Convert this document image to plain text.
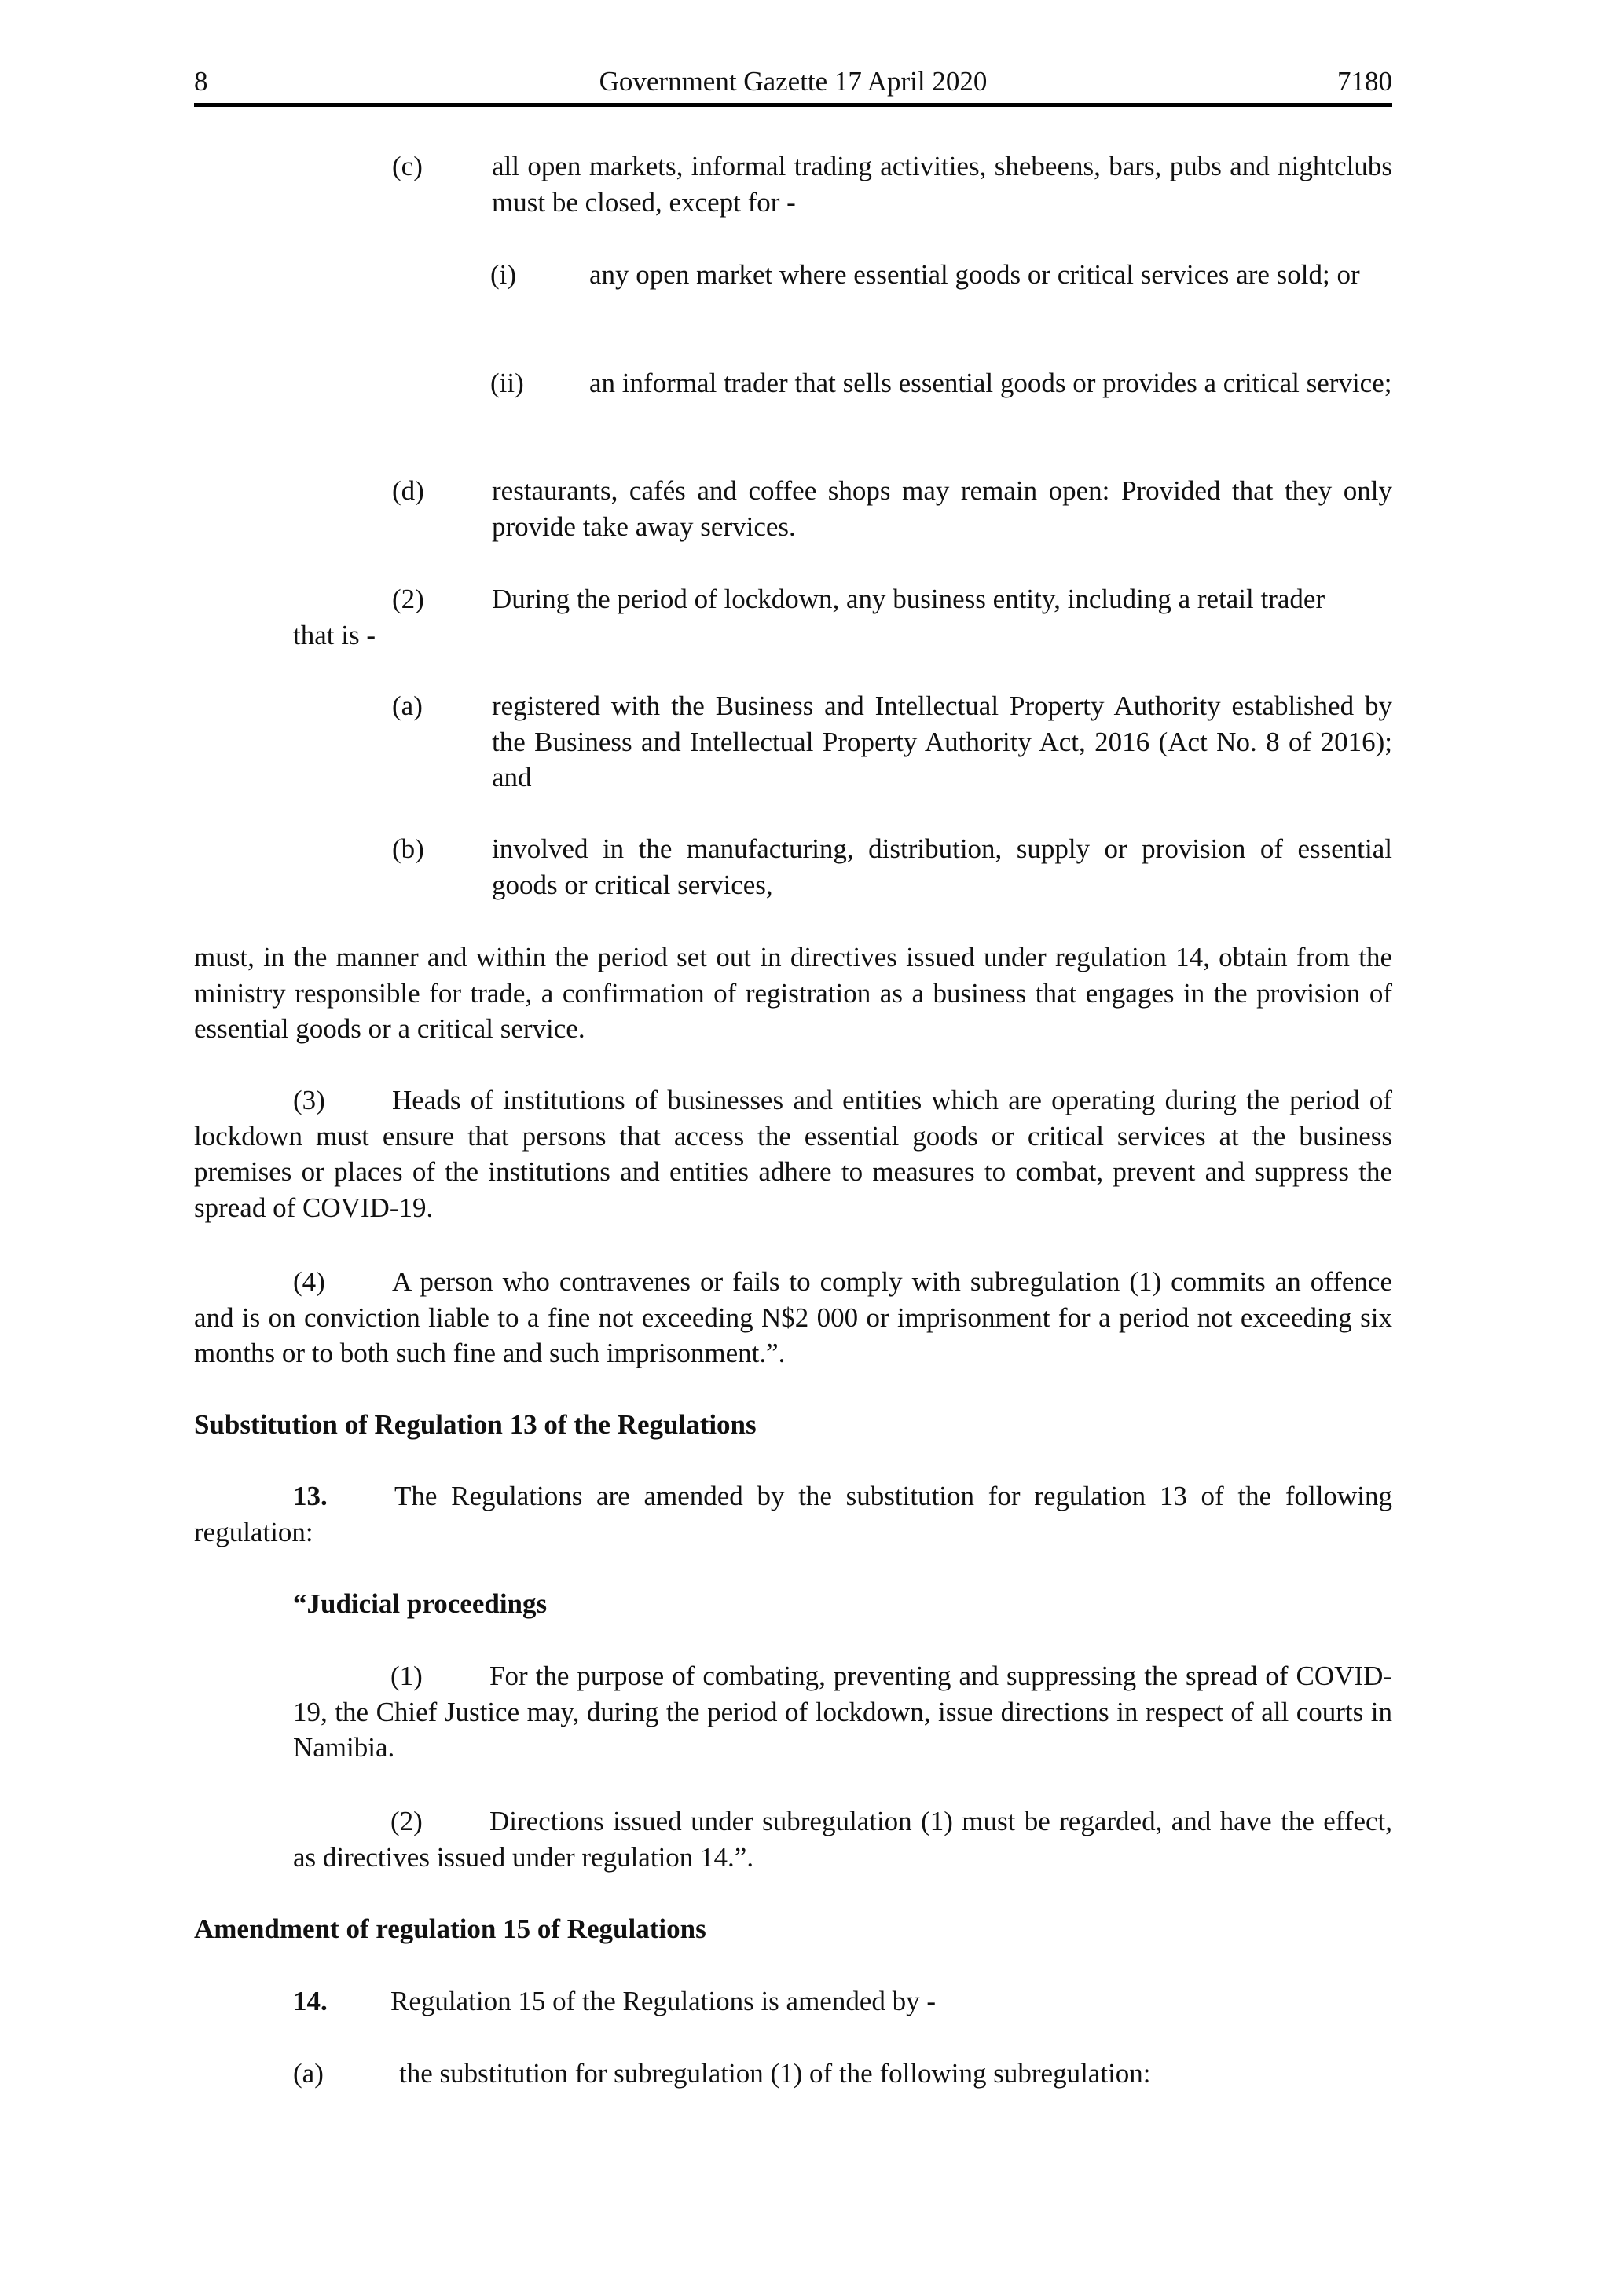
8	Government Gazette 17 April 2020	7180
(c)	all open markets, informal trading activities, shebeens, bars, pubs and nightclubs must be closed, except for -
(i)	any open market where essential goods or critical services are sold; or
(ii) an informal trader that sells essential goods or provides a critical service;
(d) restaurants, cafés and coffee shops may remain open: Provided that they only provide take away services.
(2) During the period of lockdown, any business entity, including a retail trader
that is -
(a)	registered with the Business and Intellectual Property Authority established by the Business and Intellectual Property Authority Act, 2016 (Act No. 8 of 2016); and
(b) involved in the manufacturing, distribution, supply or provision of essential goods or critical services,
must, in the manner and within the period set out in directives issued under regulation 14, obtain from the ministry responsible for trade, a confirmation of registration as a business that engages in the provision of essential goods or a critical service.
(3) Heads of institutions of businesses and entities which are operating during the period of lockdown must ensure that persons that access the essential goods or critical services at the business premises or places of the institutions and entities adhere to measures to combat, prevent and suppress the spread of COVID-19.
(4) A person who contravenes or fails to comply with subregulation (1) commits an offence and is on conviction liable to a fine not exceeding N$2 000 or imprisonment for a period not exceeding six months or to both such fine and such imprisonment.”.
Substitution of Regulation 13 of the Regulations
13. The Regulations are amended by the substitution for regulation 13 of the following regulation:
“Judicial proceedings
(1) For the purpose of combating, preventing and suppressing the spread of COVID-19, the Chief Justice may, during the period of lockdown, issue directions in respect of all courts in Namibia.
(2) Directions issued under subregulation (1) must be regarded, and have the effect, as directives issued under regulation 14.”.
Amendment of regulation 15 of Regulations
14. Regulation 15 of the Regulations is amended by -
(a)	the substitution for subregulation (1) of the following subregulation:
